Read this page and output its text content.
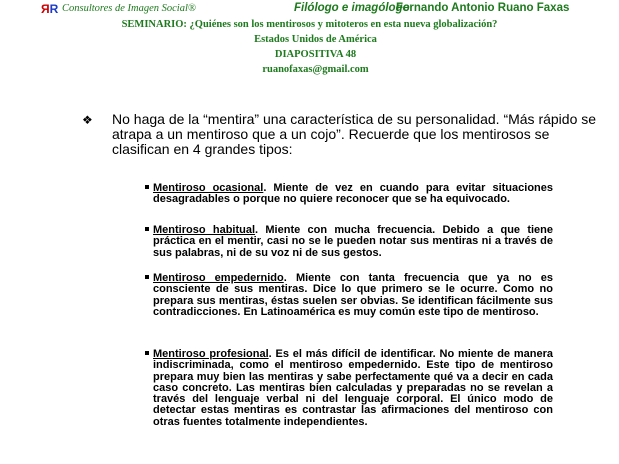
RR Consultores de Imagen Social®	Filólogo e imagólogo
Fernando Antonio Ruano Faxas
SEMINARIO: ¿Quiénes son los mentirosos y mitoteros en esta nueva globalización?
Estados Unidos de América
DIAPOSITIVA 48
ruanofaxas@gmail.com
❖ No haga de la “mentira” una característica de su personalidad. “Más rápido se atrapa a un mentiroso que a un cojo”. Recuerde que los mentirosos se clasifican en 4 grandes tipos:
Mentiroso ocasional. Miente de vez en cuando para evitar situaciones desagradables o porque no quiere reconocer que se ha equivocado.
Mentiroso habitual. Miente con mucha frecuencia. Debido a que tiene práctica en el mentir, casi no se le pueden notar sus mentiras ni a través de sus palabras, ni de su voz ni de sus gestos.
Mentiroso empedernido. Miente con tanta frecuencia que ya no es consciente de sus mentiras. Dice lo que primero se le ocurre. Como no prepara sus mentiras, éstas suelen ser obvias. Se identifican fácilmente sus contradicciones. En Latinoamérica es muy común este tipo de mentiroso.
Mentiroso profesional. Es el más difícil de identificar. No miente de manera indiscriminada, como el mentiroso empedernido. Este tipo de mentiroso prepara muy bien las mentiras y sabe perfectamente qué va a decir en cada caso concreto. Las mentiras bien calculadas y preparadas no se revelan a través del lenguaje verbal ni del lenguaje corporal. El único modo de detectar estas mentiras es contrastar las afirmaciones del mentiroso con otras fuentes totalmente independientes.
